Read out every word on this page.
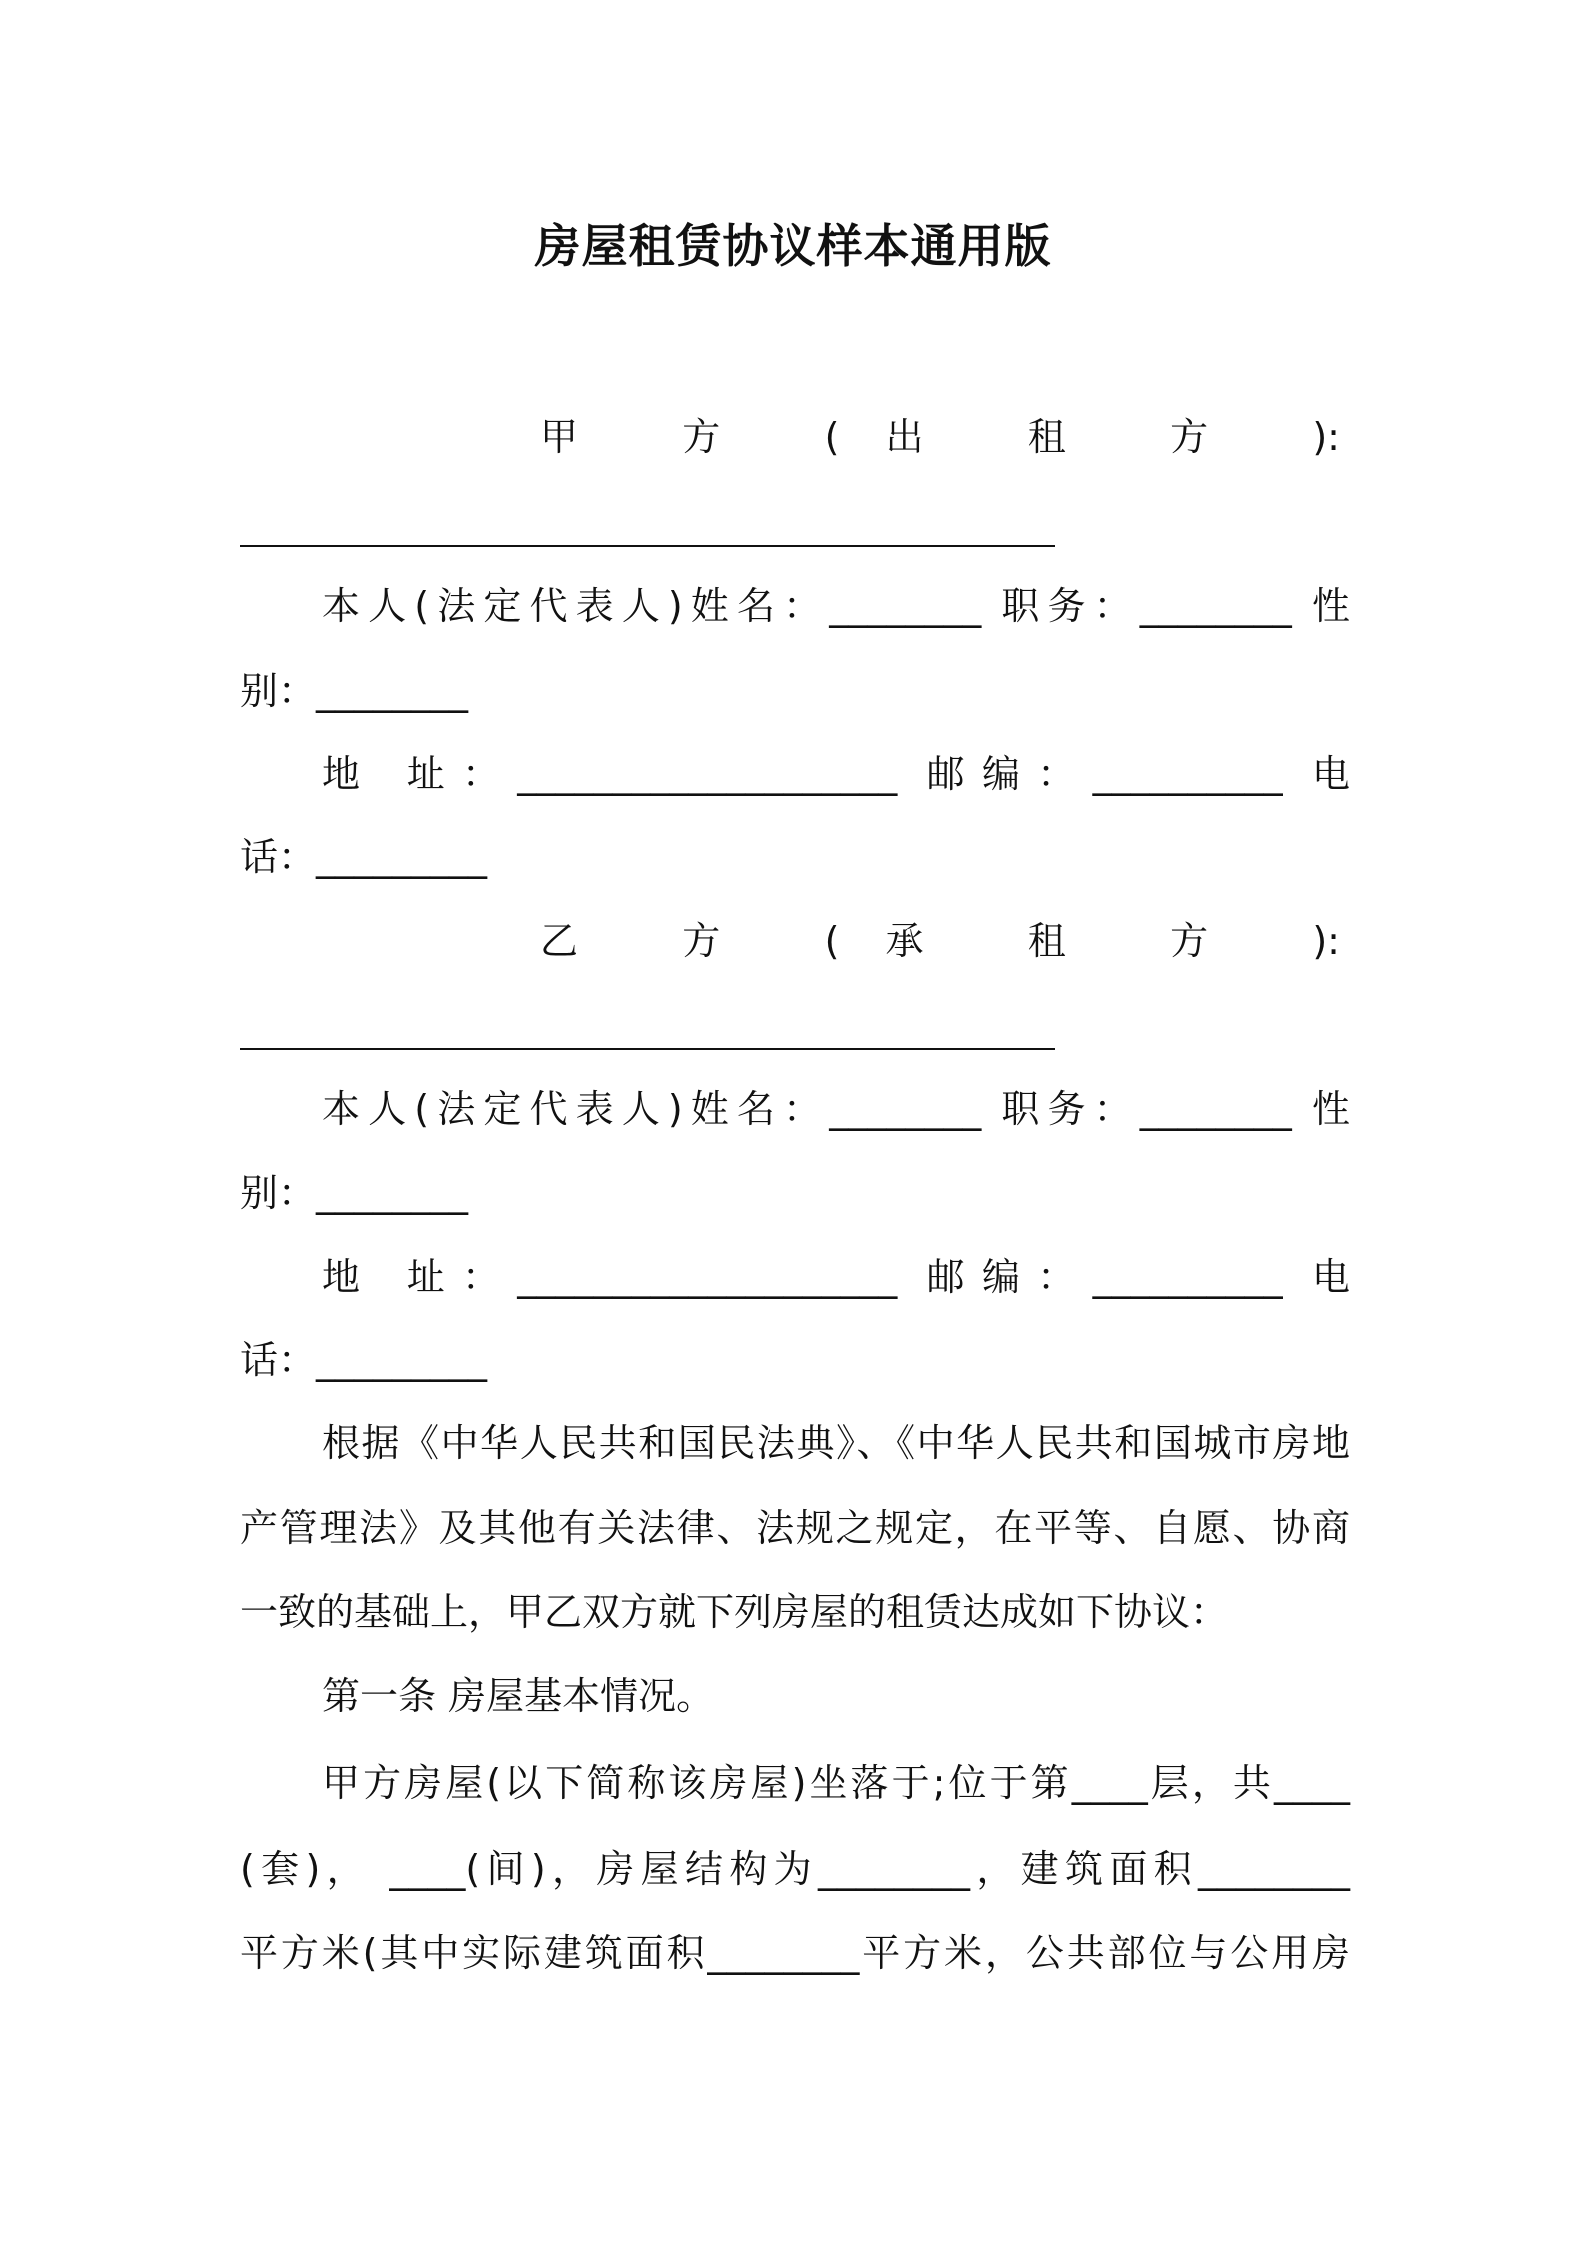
房屋租赁协议样本通用版
甲 方 (出 租 方 ):
本人(法定代表人)姓名：________ 职务：________ 性
别：________
地 址：____________________ 邮编：__________ 电
话：_________
乙 方 (承 租 方 ):
本人(法定代表人)姓名：________ 职务：________ 性
别：________
地 址：____________________ 邮编：__________ 电
话：_________
根据《中华人民共和国民法典》、《中华人民共和国城市房地
产管理法》及其他有关法律、法规之规定，在平等、自愿、协商
一致的基础上，甲乙双方就下列房屋的租赁达成如下协议：
第一条 房屋基本情况。
甲方房屋(以下简称该房屋)坐落于;位于第____层，共____
(套)， ____(间)，房屋结构为________，建筑面积________
平方米(其中实际建筑面积________平方米，公共部位与公用房
